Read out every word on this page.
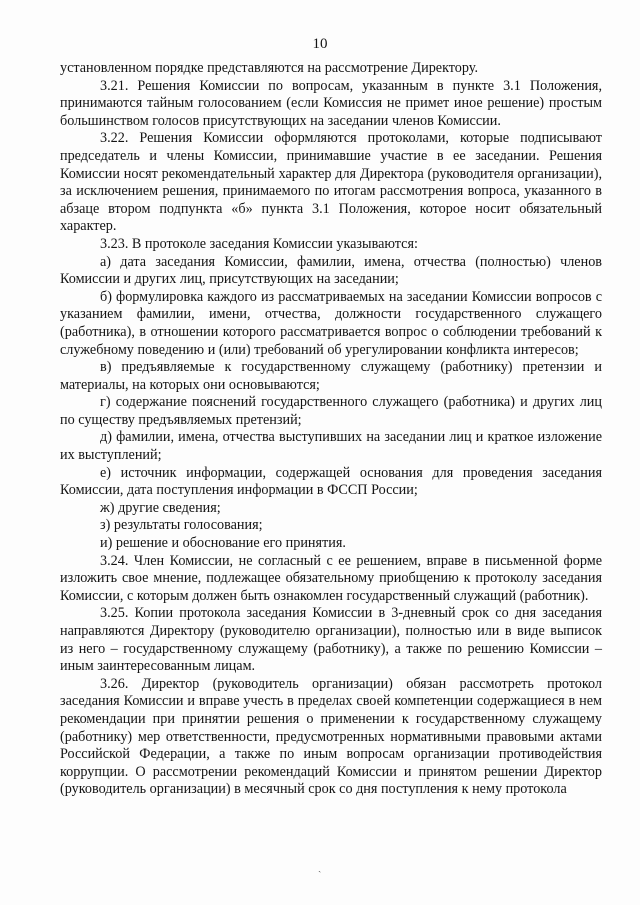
10

установленном порядке представляются на рассмотрение Директору.

3.21. Решения Комиссии по вопросам, указанным в пункте 3.1 Положения, принимаются тайным голосованием (если Комиссия не примет иное решение) простым большинством голосов присутствующих на заседании членов Комиссии.

3.22. Решения Комиссии оформляются протоколами, которые подписывают председатель и члены Комиссии, принимавшие участие в ее заседании. Решения Комиссии носят рекомендательный характер для Директора (руководителя организации), за исключением решения, принимаемого по итогам рассмотрения вопроса, указанного в абзаце втором подпункта «б» пункта 3.1 Положения, которое носит обязательный характер.

3.23. В протоколе заседания Комиссии указываются:

а) дата заседания Комиссии, фамилии, имена, отчества (полностью) членов Комиссии и других лиц, присутствующих на заседании;

б) формулировка каждого из рассматриваемых на заседании Комиссии вопросов с указанием фамилии, имени, отчества, должности государственного служащего (работника), в отношении которого рассматривается вопрос о соблюдении требований к служебному поведению и (или) требований об урегулировании конфликта интересов;

в) предъявляемые к государственному служащему (работнику) претензии и материалы, на которых они основываются;

г) содержание пояснений государственного служащего (работника) и других лиц по существу предъявляемых претензий;

д) фамилии, имена, отчества выступивших на заседании лиц и краткое изложение их выступлений;

е) источник информации, содержащей основания для проведения заседания Комиссии, дата поступления информации в ФССП России;

ж) другие сведения;

з) результаты голосования;

и) решение и обоснование его принятия.

3.24. Член Комиссии, не согласный с ее решением, вправе в письменной форме изложить свое мнение, подлежащее обязательному приобщению к протоколу заседания Комиссии, с которым должен быть ознакомлен государственный служащий (работник).

3.25. Копии протокола заседания Комиссии в 3-дневный срок со дня заседания направляются Директору (руководителю организации), полностью или в виде выписок из него – государственному служащему (работнику), а также по решению Комиссии – иным заинтересованным лицам.

3.26. Директор (руководитель организации) обязан рассмотреть протокол заседания Комиссии и вправе учесть в пределах своей компетенции содержащиеся в нем рекомендации при принятии решения о применении к государственному служащему (работнику) мер ответственности, предусмотренных нормативными правовыми актами Российской Федерации, а также по иным вопросам организации противодействия коррупции. О рассмотрении рекомендаций Комиссии и принятом решении Директор (руководитель организации) в месячный срок со дня поступления к нему протокола

ˎ
